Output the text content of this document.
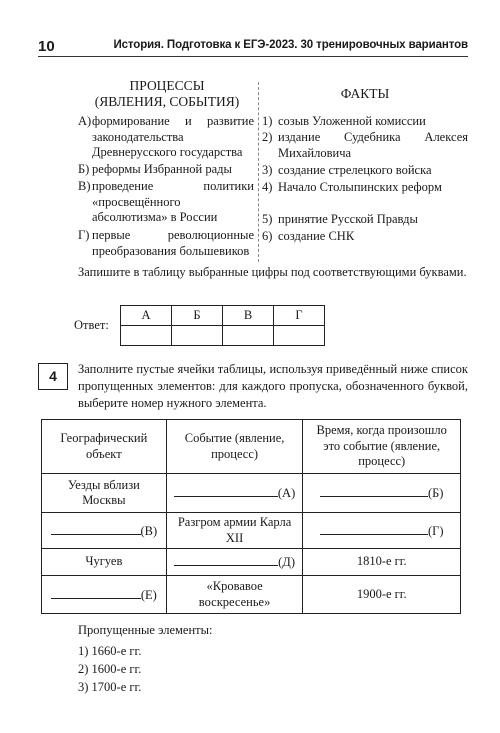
10	История. Подготовка к ЕГЭ-2023. 30 тренировочных вариантов
ПРОЦЕССЫ
(ЯВЛЕНИЯ, СОБЫТИЯ)
ФАКТЫ
А) формирование и развитие законодательства Древнерусского государства
Б) реформы Избранной рады
В) проведение политики «просвещённого абсолютизма» в России
Г) первые революционные преобразования большевиков
1) созыв Уложенной комиссии
2) издание Судебника Алексея Михайловича
3) создание стрелецкого войска
4) Начало Столыпинских реформ
5) принятие Русской Правды
6) создание СНК
Запишите в таблицу выбранные цифры под соответствующими буквами.
Ответ:
А	Б	В	Г

4	Заполните пустые ячейки таблицы, используя приведённый ниже список пропущенных элементов: для каждого пропуска, обозначенного буквой, выберите номер нужного элемента.
Географический объект	Событие (явление, процесс)	Время, когда произошло это событие (явление, процесс)
Уезды вблизи Москвы	(А)	(Б)
(В)	Разгром армии Карла XII	(Г)
Чугуев	(Д)	1810-е гг.
(Е)	«Кровавое воскресенье»	1900-е гг.
Пропущенные элементы:
1) 1660-е гг.
2) 1600-е гг.
3) 1700-е гг.
